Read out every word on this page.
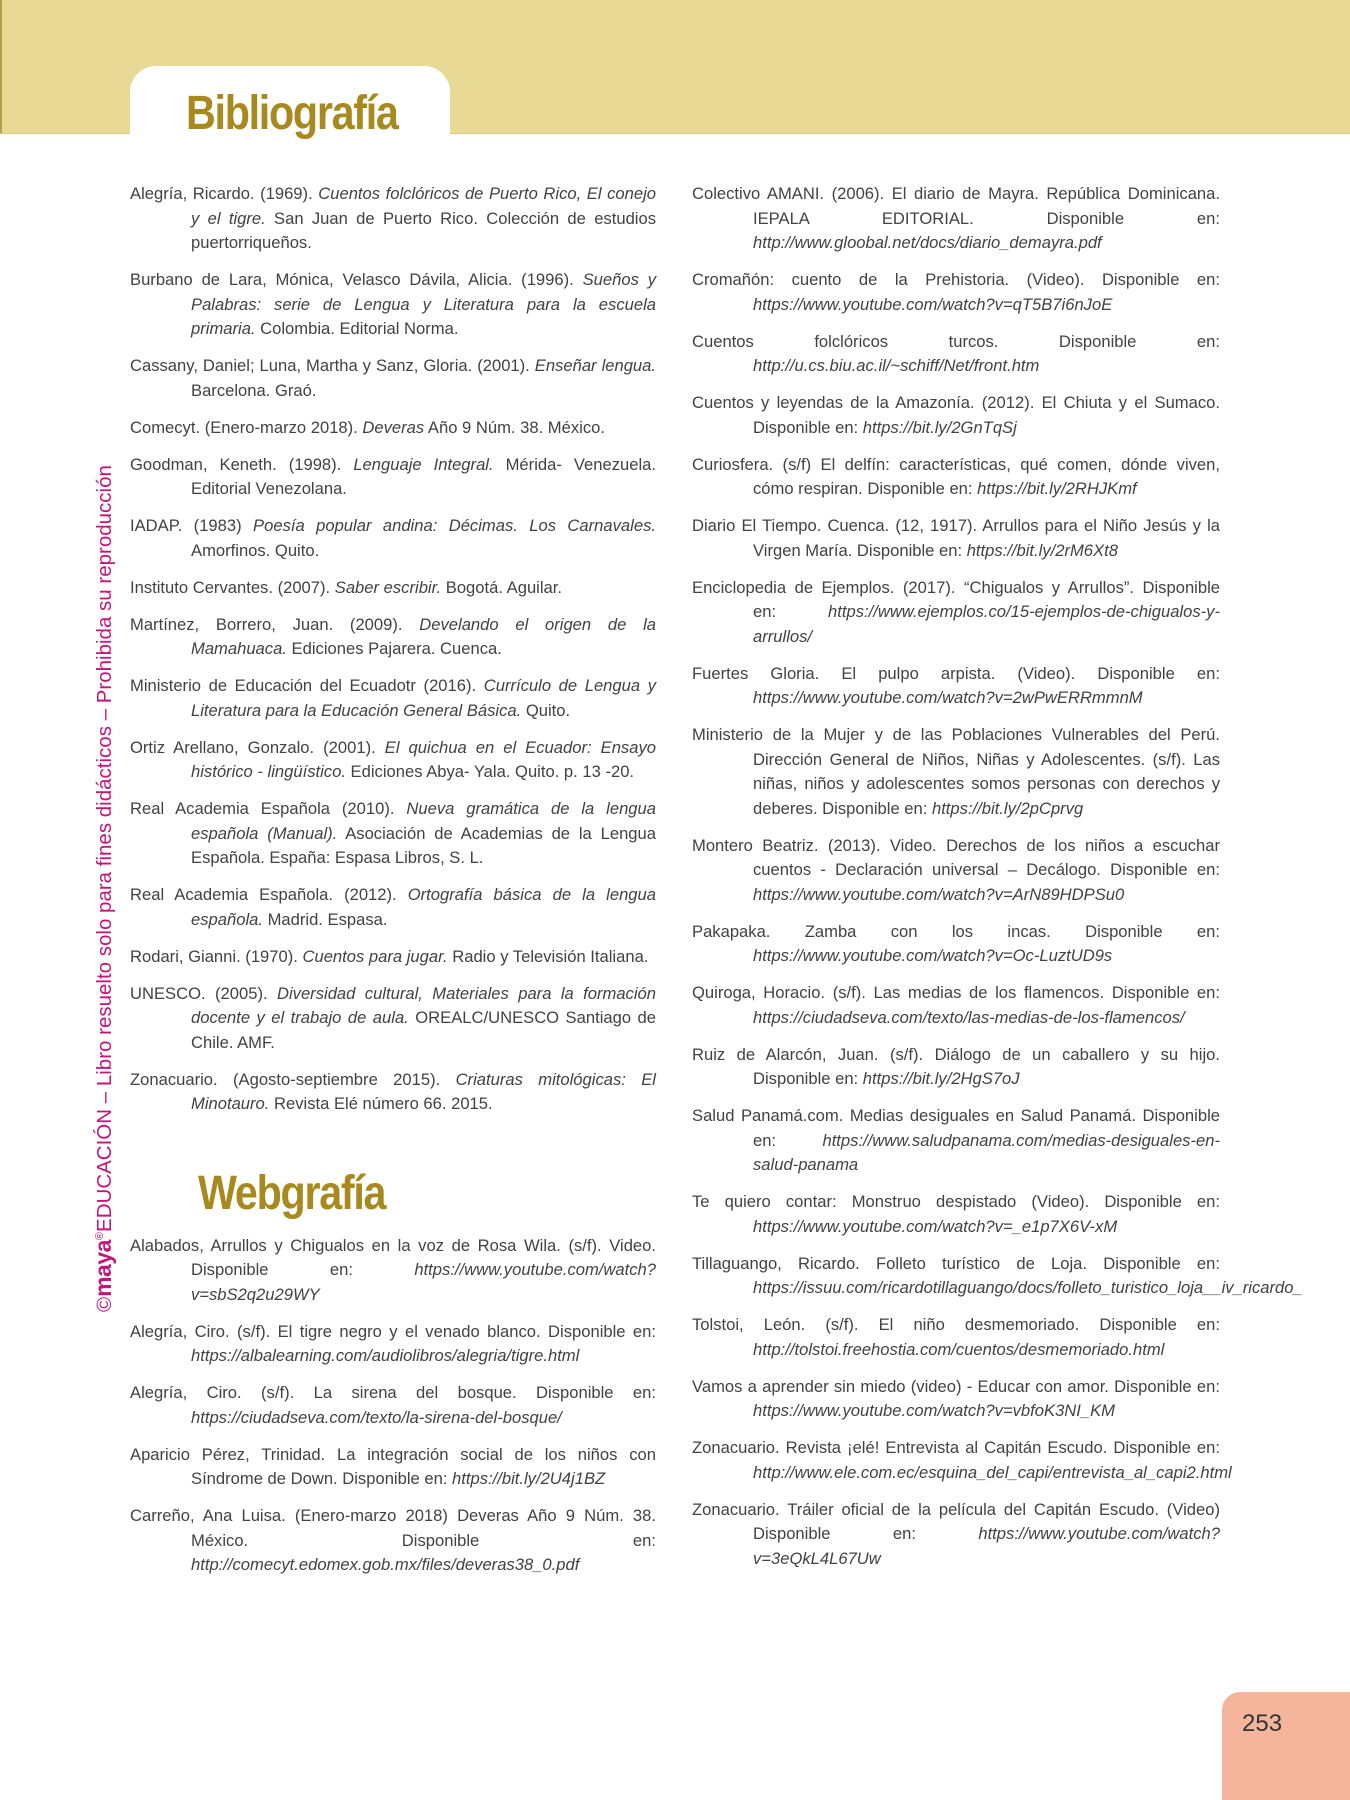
Bibliografía
©maya®EDUCACIÓN – Libro resuelto solo para fines didácticos – Prohibida su reproducción

Alegría, Ricardo. (1969). Cuentos folclóricos de Puerto Rico, El conejo y el tigre. San Juan de Puerto Rico. Colección de estudios puertorriqueños.

Burbano de Lara, Mónica, Velasco Dávila, Alicia. (1996). Sueños y Palabras: serie de Lengua y Literatura para la escuela primaria. Colombia. Editorial Norma.

Cassany, Daniel; Luna, Martha y Sanz, Gloria. (2001). Enseñar lengua. Barcelona. Graó.

Comecyt. (Enero-marzo 2018). Deveras Año 9 Núm. 38. México.

Goodman, Keneth. (1998). Lenguaje Integral. Mérida- Venezuela. Editorial Venezolana.

IADAP. (1983) Poesía popular andina: Décimas. Los Carnavales. Amorfinos. Quito.

Instituto Cervantes. (2007). Saber escribir. Bogotá. Aguilar.

Martínez, Borrero, Juan. (2009). Develando el origen de la Mamahuaca. Ediciones Pajarera. Cuenca.

Ministerio de Educación del Ecuadotr (2016). Currículo de Lengua y Literatura para la Educación General Básica. Quito.

Ortiz Arellano, Gonzalo. (2001). El quichua en el Ecuador: Ensayo histórico - lingüístico. Ediciones Abya- Yala. Quito. p. 13 -20.

Real Academia Española (2010). Nueva gramática de la lengua española (Manual). Asociación de Academias de la Lengua Española. España: Espasa Libros, S. L.

Real Academia Española. (2012). Ortografía básica de la lengua española. Madrid. Espasa.

Rodari, Gianni. (1970). Cuentos para jugar. Radio y Televisión Italiana.

UNESCO. (2005). Diversidad cultural, Materiales para la formación docente y el trabajo de aula. OREALC/UNESCO Santiago de Chile. AMF.

Zonacuario. (Agosto-septiembre 2015). Criaturas mitológicas: El Minotauro. Revista Elé número 66. 2015.

Webgrafía

Alabados, Arrullos y Chigualos en la voz de Rosa Wila. (s/f). Video. Disponible en: https://www.youtube.com/watch?v=sbS2q2u29WY

Alegría, Ciro. (s/f). El tigre negro y el venado blanco. Disponible en: https://albalearning.com/audiolibros/alegria/tigre.html

Alegría, Ciro. (s/f). La sirena del bosque. Disponible en: https://ciudadseva.com/texto/la-sirena-del-bosque/

Aparicio Pérez, Trinidad. La integración social de los niños con Síndrome de Down. Disponible en: https://bit.ly/2U4j1BZ

Carreño, Ana Luisa. (Enero-marzo 2018) Deveras Año 9 Núm. 38. México. Disponible en: http://comecyt.edomex.gob.mx/files/deveras38_0.pdf

Colectivo AMANI. (2006). El diario de Mayra. República Dominicana. IEPALA EDITORIAL. Disponible en: http://www.gloobal.net/docs/diario_demayra.pdf

Cromañón: cuento de la Prehistoria. (Video). Disponible en: https://www.youtube.com/watch?v=qT5B7i6nJoE

Cuentos folclóricos turcos. Disponible en: http://u.cs.biu.ac.il/~schiff/Net/front.htm

Cuentos y leyendas de la Amazonía. (2012). El Chiuta y el Sumaco. Disponible en: https://bit.ly/2GnTqSj

Curiosfera. (s/f) El delfín: características, qué comen, dónde viven, cómo respiran. Disponible en: https://bit.ly/2RHJKmf

Diario El Tiempo. Cuenca. (12, 1917). Arrullos para el Niño Jesús y la Virgen María. Disponible en: https://bit.ly/2rM6Xt8

Enciclopedia de Ejemplos. (2017). “Chigualos y Arrullos”. Disponible en: https://www.ejemplos.co/15-ejemplos-de-chigualos-y-arrullos/

Fuertes Gloria. El pulpo arpista. (Video). Disponible en: https://www.youtube.com/watch?v=2wPwERRmmnM

Ministerio de la Mujer y de las Poblaciones Vulnerables del Perú. Dirección General de Niños, Niñas y Adolescentes. (s/f). Las niñas, niños y adolescentes somos personas con derechos y deberes. Disponible en: https://bit.ly/2pCprvg

Montero Beatriz. (2013). Video. Derechos de los niños a escuchar cuentos - Declaración universal – Decálogo. Disponible en: https://www.youtube.com/watch?v=ArN89HDPSu0

Pakapaka. Zamba con los incas. Disponible en: https://www.youtube.com/watch?v=Oc-LuztUD9s

Quiroga, Horacio. (s/f). Las medias de los flamencos. Disponible en: https://ciudadseva.com/texto/las-medias-de-los-flamencos/

Ruiz de Alarcón, Juan. (s/f). Diálogo de un caballero y su hijo. Disponible en: https://bit.ly/2HgS7oJ

Salud Panamá.com. Medias desiguales en Salud Panamá. Disponible en: https://www.saludpanama.com/medias-desiguales-en-salud-panama

Te quiero contar: Monstruo despistado (Video). Disponible en: https://www.youtube.com/watch?v=_e1p7X6V-xM

Tillaguango, Ricardo. Folleto turístico de Loja. Disponible en: https://issuu.com/ricardotillaguango/docs/folleto_turistico_loja__iv_ricardo_

Tolstoi, León. (s/f). El niño desmemoriado. Disponible en: http://tolstoi.freehostia.com/cuentos/desmemoriado.html

Vamos a aprender sin miedo (video) - Educar con amor. Disponible en: https://www.youtube.com/watch?v=vbfoK3NI_KM

Zonacuario. Revista ¡elé! Entrevista al Capitán Escudo. Disponible en: http://www.ele.com.ec/esquina_del_capi/entrevista_al_capi2.html

Zonacuario. Tráiler oficial de la película del Capitán Escudo. (Video) Disponible en: https://www.youtube.com/watch?v=3eQkL4L67Uw

253
